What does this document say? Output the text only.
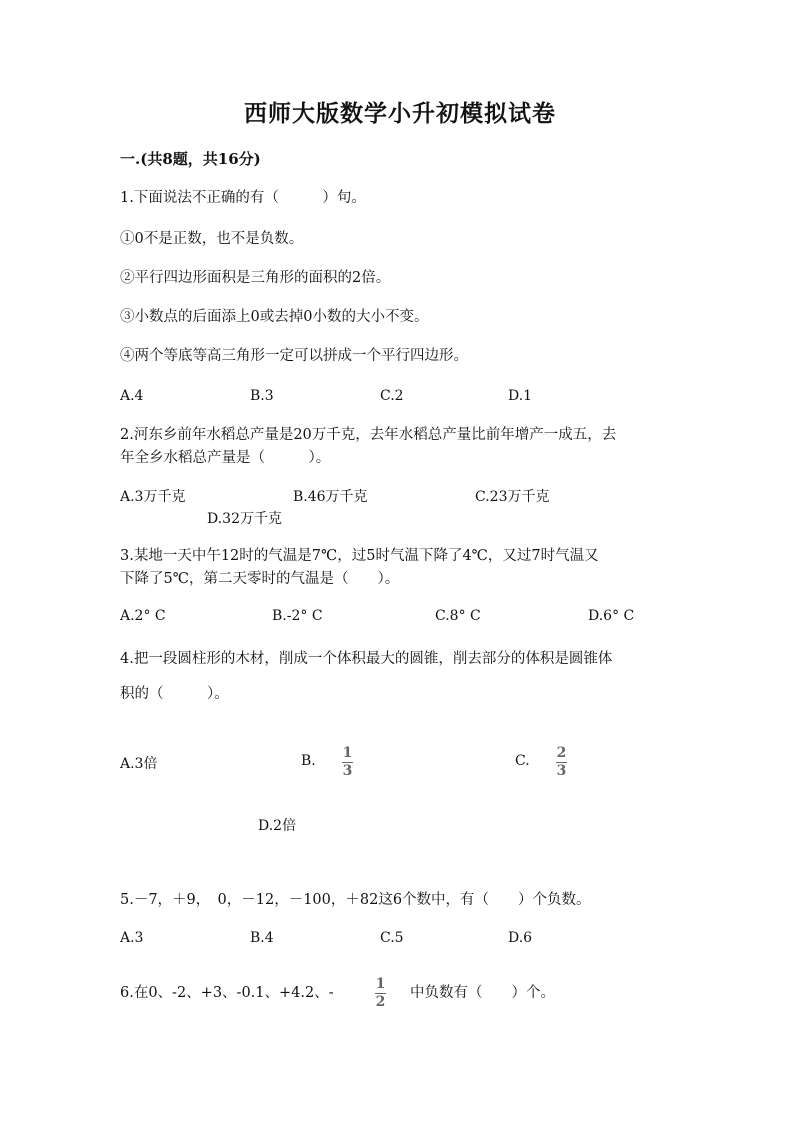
西师大版数学小升初模拟试卷
一.(共8题，共16分)
1.下面说法不正确的有（　　　）句。
①0不是正数，也不是负数。
②平行四边形面积是三角形的面积的2倍。
③小数点的后面添上0或去掉0小数的大小不变。
④两个等底等高三角形一定可以拼成一个平行四边形。
A.4	B.3	C.2	D.1
2.河东乡前年水稻总产量是20万千克，去年水稻总产量比前年增产一成五，去
年全乡水稻总产量是（　　　）。
A.3万千克	B.46万千克	C.23万千克
D.32万千克
3.某地一天中午12时的气温是7℃，过5时气温下降了4℃，又过7时气温又
下降了5℃，第二天零时的气温是（　　）。
A.2° C	B.-2° C	C.8° C	D.6° C
4.把一段圆柱形的木材，削成一个体积最大的圆锥，削去部分的体积是圆锥体
积的（　　　）。
A.3倍	B. 1
3
C. 2
3
D.2倍
5.－7，＋9，　0，－12，－100，＋82这6个数中，有（　　）个负数。
A.3	B.4	C.5	D.6
6.在0、-2、+3、-0.1、+4.2、-
1
2
中负数有（　　）个。
